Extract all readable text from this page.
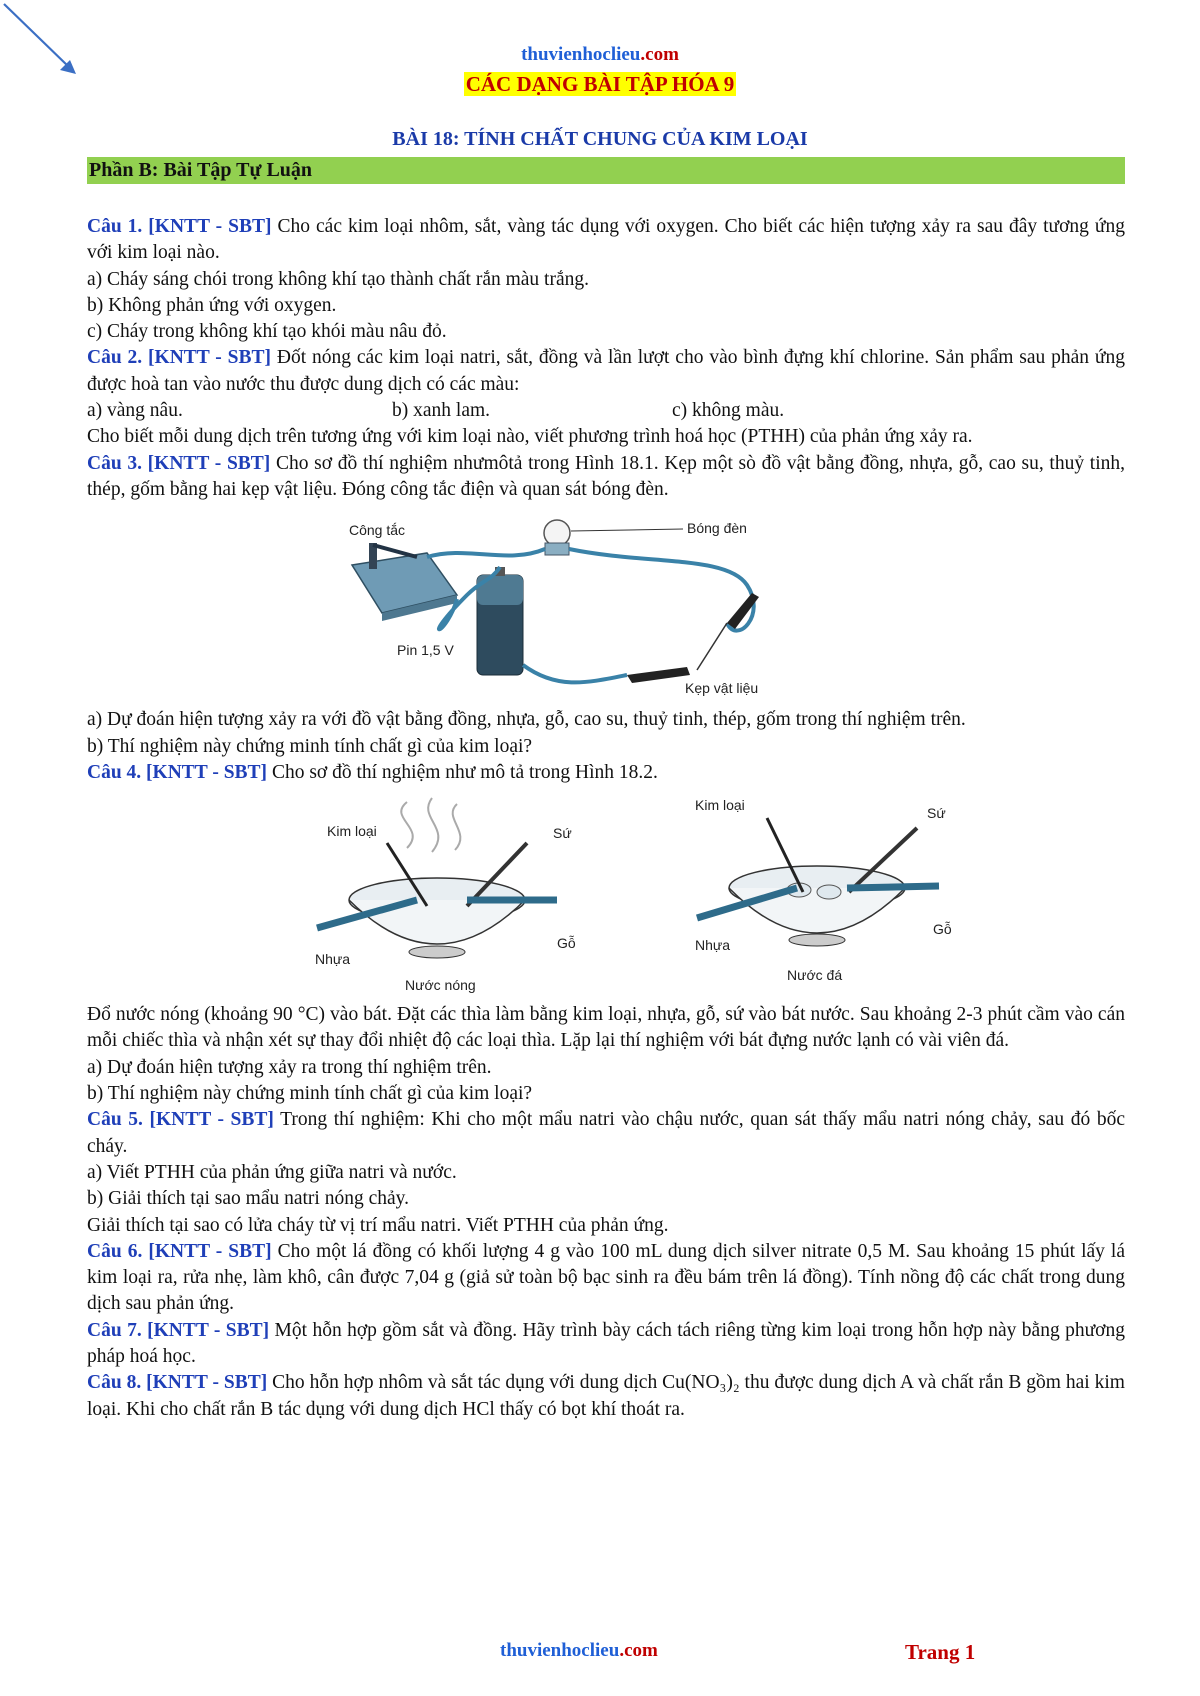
thuvienhoclieu.com
CÁC DẠNG BÀI TẬP HÓA 9
BÀI 18: TÍNH CHẤT CHUNG CỦA KIM LOẠI
Phần B: Bài Tập Tự Luận

Câu 1. [KNTT - SBT] Cho các kim loại nhôm, sắt, vàng tác dụng với oxygen. Cho biết các hiện tượng xảy ra sau đây tương ứng với kim loại nào.

a) Cháy sáng chói trong không khí tạo thành chất rắn màu trắng.

b) Không phản ứng với oxygen.

c) Cháy trong không khí tạo khói màu nâu đỏ.

Câu 2. [KNTT - SBT] Đốt nóng các kim loại natri, sắt, đồng và lần lượt cho vào bình đựng khí chlorine. Sản phẩm sau phản ứng được hoà tan vào nước thu được dung dịch có các màu:

a) vàng nâu.	b) xanh lam.	c) không màu.

Cho biết mỗi dung dịch trên tương ứng với kim loại nào, viết phương trình hoá học (PTHH) của phản ứng xảy ra.

Câu 3. [KNTT - SBT] Cho sơ đồ thí nghiệm nhưmôtả trong Hình 18.1. Kẹp một sò đồ vật bằng đồng, nhựa, gỗ, cao su, thuỷ tinh, thép, gốm bằng hai kẹp vật liệu. Đóng công tắc điện và quan sát bóng đèn.

Công tắc	Bóng đèn
Pin 1,5 V
Kẹp vật liệu

a) Dự đoán hiện tượng xảy ra với đồ vật bằng đồng, nhựa, gỗ, cao su, thuỷ tinh, thép, gốm trong thí nghiệm trên.

b) Thí nghiệm này chứng minh tính chất gì của kim loại?

Câu 4. [KNTT - SBT] Cho sơ đồ thí nghiệm như mô tả trong Hình 18.2.

Kim loại	Sứ
Nhựa
Gỗ
Nước nóng
Kim loại	Sứ
Nhựa
Gỗ
Nước đá

Đổ nước nóng (khoảng 90 °C) vào bát. Đặt các thìa làm bằng kim loại, nhựa, gỗ, sứ vào bát nước. Sau khoảng 2-3 phút cầm vào cán mỗi chiếc thìa và nhận xét sự thay đổi nhiệt độ các loại thìa. Lặp lại thí nghiệm với bát đựng nước lạnh có vài viên đá.

a) Dự đoán hiện tượng xảy ra trong thí nghiệm trên.

b) Thí nghiệm này chứng minh tính chất gì của kim loại?

Câu 5. [KNTT - SBT] Trong thí nghiệm: Khi cho một mẩu natri vào chậu nước, quan sát thấy mẩu natri nóng chảy, sau đó bốc cháy.

a) Viết PTHH của phản ứng giữa natri và nước.

b) Giải thích tại sao mẩu natri nóng chảy.

Giải thích tại sao có lửa cháy từ vị trí mẩu natri. Viết PTHH của phản ứng.

Câu 6. [KNTT - SBT] Cho một lá đồng có khối lượng 4 g vào 100 mL dung dịch silver nitrate 0,5 M. Sau khoảng 15 phút lấy lá kim loại ra, rửa nhẹ, làm khô, cân được 7,04 g (giả sử toàn bộ bạc sinh ra đều bám trên lá đồng). Tính nồng độ các chất trong dung dịch sau phản ứng.

Câu 7. [KNTT - SBT] Một hỗn hợp gồm sắt và đồng. Hãy trình bày cách tách riêng từng kim loại trong hỗn hợp này bằng phương pháp hoá học.

Câu 8. [KNTT - SBT] Cho hỗn hợp nhôm và sắt tác dụng với dung dịch Cu(NO₃)₂ thu được dung dịch A và chất rắn B gồm hai kim loại. Khi cho chất rắn B tác dụng với dung dịch HCl thấy có bọt khí thoát ra.

thuvienhoclieu.com	Trang 1
